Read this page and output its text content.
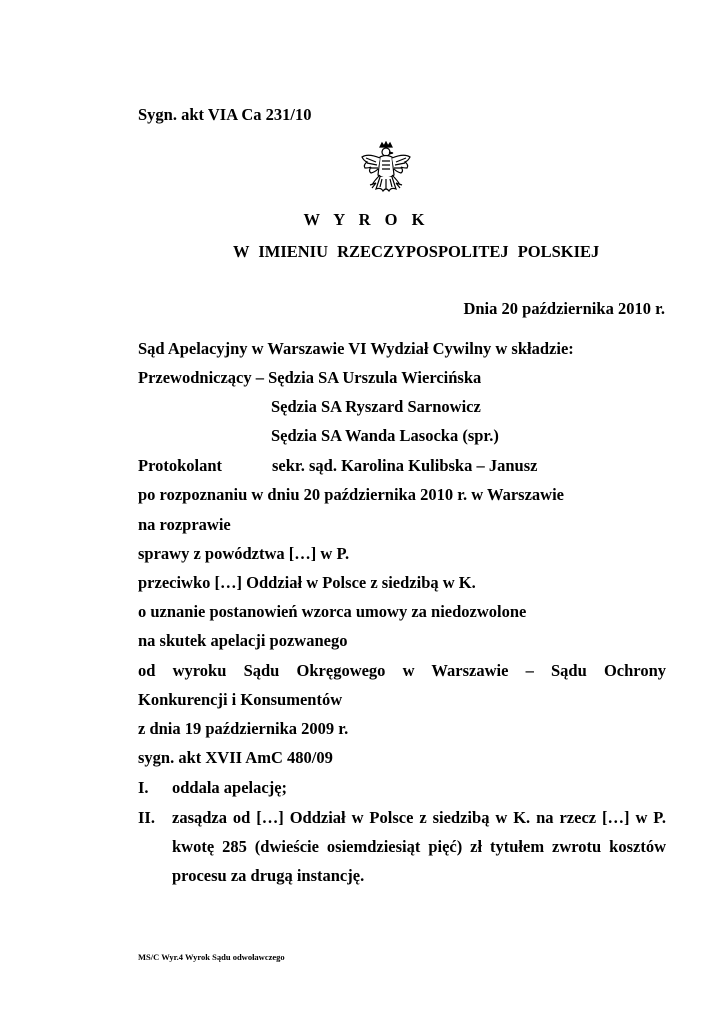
Sygn. akt VIA Ca 231/10
W Y R O K
W IMIENIU RZECZYPOSPOLITEJ POLSKIEJ
Dnia 20 października 2010 r.
Sąd Apelacyjny w Warszawie VI Wydział Cywilny w składzie:
Przewodniczący – Sędzia SA Urszula Wiercińska
Sędzia SA Ryszard Sarnowicz
Sędzia SA Wanda Lasocka (spr.)
Protokolant	sekr. sąd. Karolina Kulibska – Janusz
po rozpoznaniu w dniu 20 października 2010 r. w Warszawie
na rozprawie
sprawy z powództwa […] w P.
przeciwko […] Oddział w Polsce z siedzibą w K.
o uznanie postanowień wzorca umowy za niedozwolone
na skutek apelacji pozwanego
od wyroku Sądu Okręgowego w Warszawie – Sądu Ochrony
Konkurencji i Konsumentów
z dnia 19 października 2009 r.
sygn. akt XVII AmC 480/09
I. oddala apelację;
II. zasądza od […] Oddział w Polsce z siedzibą w K. na rzecz […] w P.
kwotę 285 (dwieście osiemdziesiąt pięć) zł tytułem zwrotu kosztów
procesu za drugą instancję.
MS/C Wyr.4 Wyrok Sądu odwoławczego
